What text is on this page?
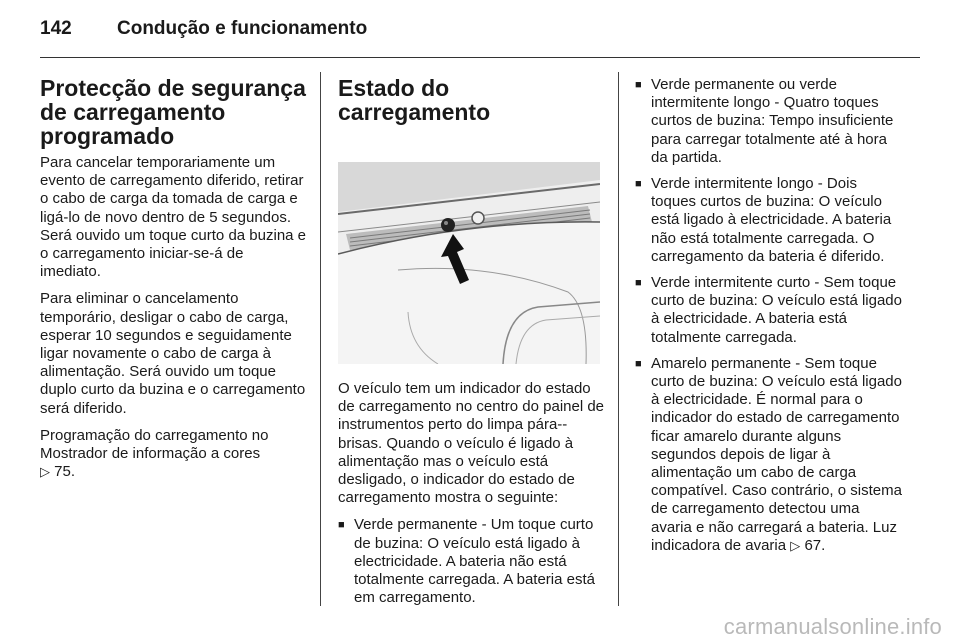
142 Condução e funcionamento
Protecção de segurança de carregamento programado

Para cancelar temporariamente um evento de carregamento diferido, retirar o cabo de carga da tomada de carga e ligá-lo de novo dentro de 5 segundos. Será ouvido um toque curto da buzina e o carregamento iniciar-se-á de imediato.

Para eliminar o cancelamento temporário, desligar o cabo de carga, esperar 10 segundos e seguidamente ligar novamente o cabo de carga à alimentação. Será ouvido um toque duplo curto da buzina e o carregamento será diferido.

Programação do carregamento no Mostrador de informação a cores
▷ 75.

Estado do carregamento

O veículo tem um indicador do estado de carregamento no centro do painel de instrumentos perto do limpa pára--brisas. Quando o veículo é ligado à alimentação mas o veículo está desligado, o indicador do estado de carregamento mostra o seguinte:

■ Verde permanente - Um toque curto de buzina: O veículo está ligado à electricidade. A bateria não está totalmente carregada. A bateria está em carregamento.
■ Verde permanente ou verde intermitente longo - Quatro toques curtos de buzina: Tempo insuficiente para carregar totalmente até à hora da partida.
■ Verde intermitente longo - Dois toques curtos de buzina: O veículo está ligado à electricidade. A bateria não está totalmente carregada. O carregamento da bateria é diferido.
■ Verde intermitente curto - Sem toque curto de buzina: O veículo está ligado à electricidade. A bateria está totalmente carregada.
■ Amarelo permanente - Sem toque curto de buzina: O veículo está ligado à electricidade. É normal para o indicador do estado de carregamento ficar amarelo durante alguns segundos depois de ligar à alimentação um cabo de carga compatível. Caso contrário, o sistema de carregamento detectou uma avaria e não carregará a bateria. Luz indicadora de avaria ▷ 67.
carmanualsonline.info
